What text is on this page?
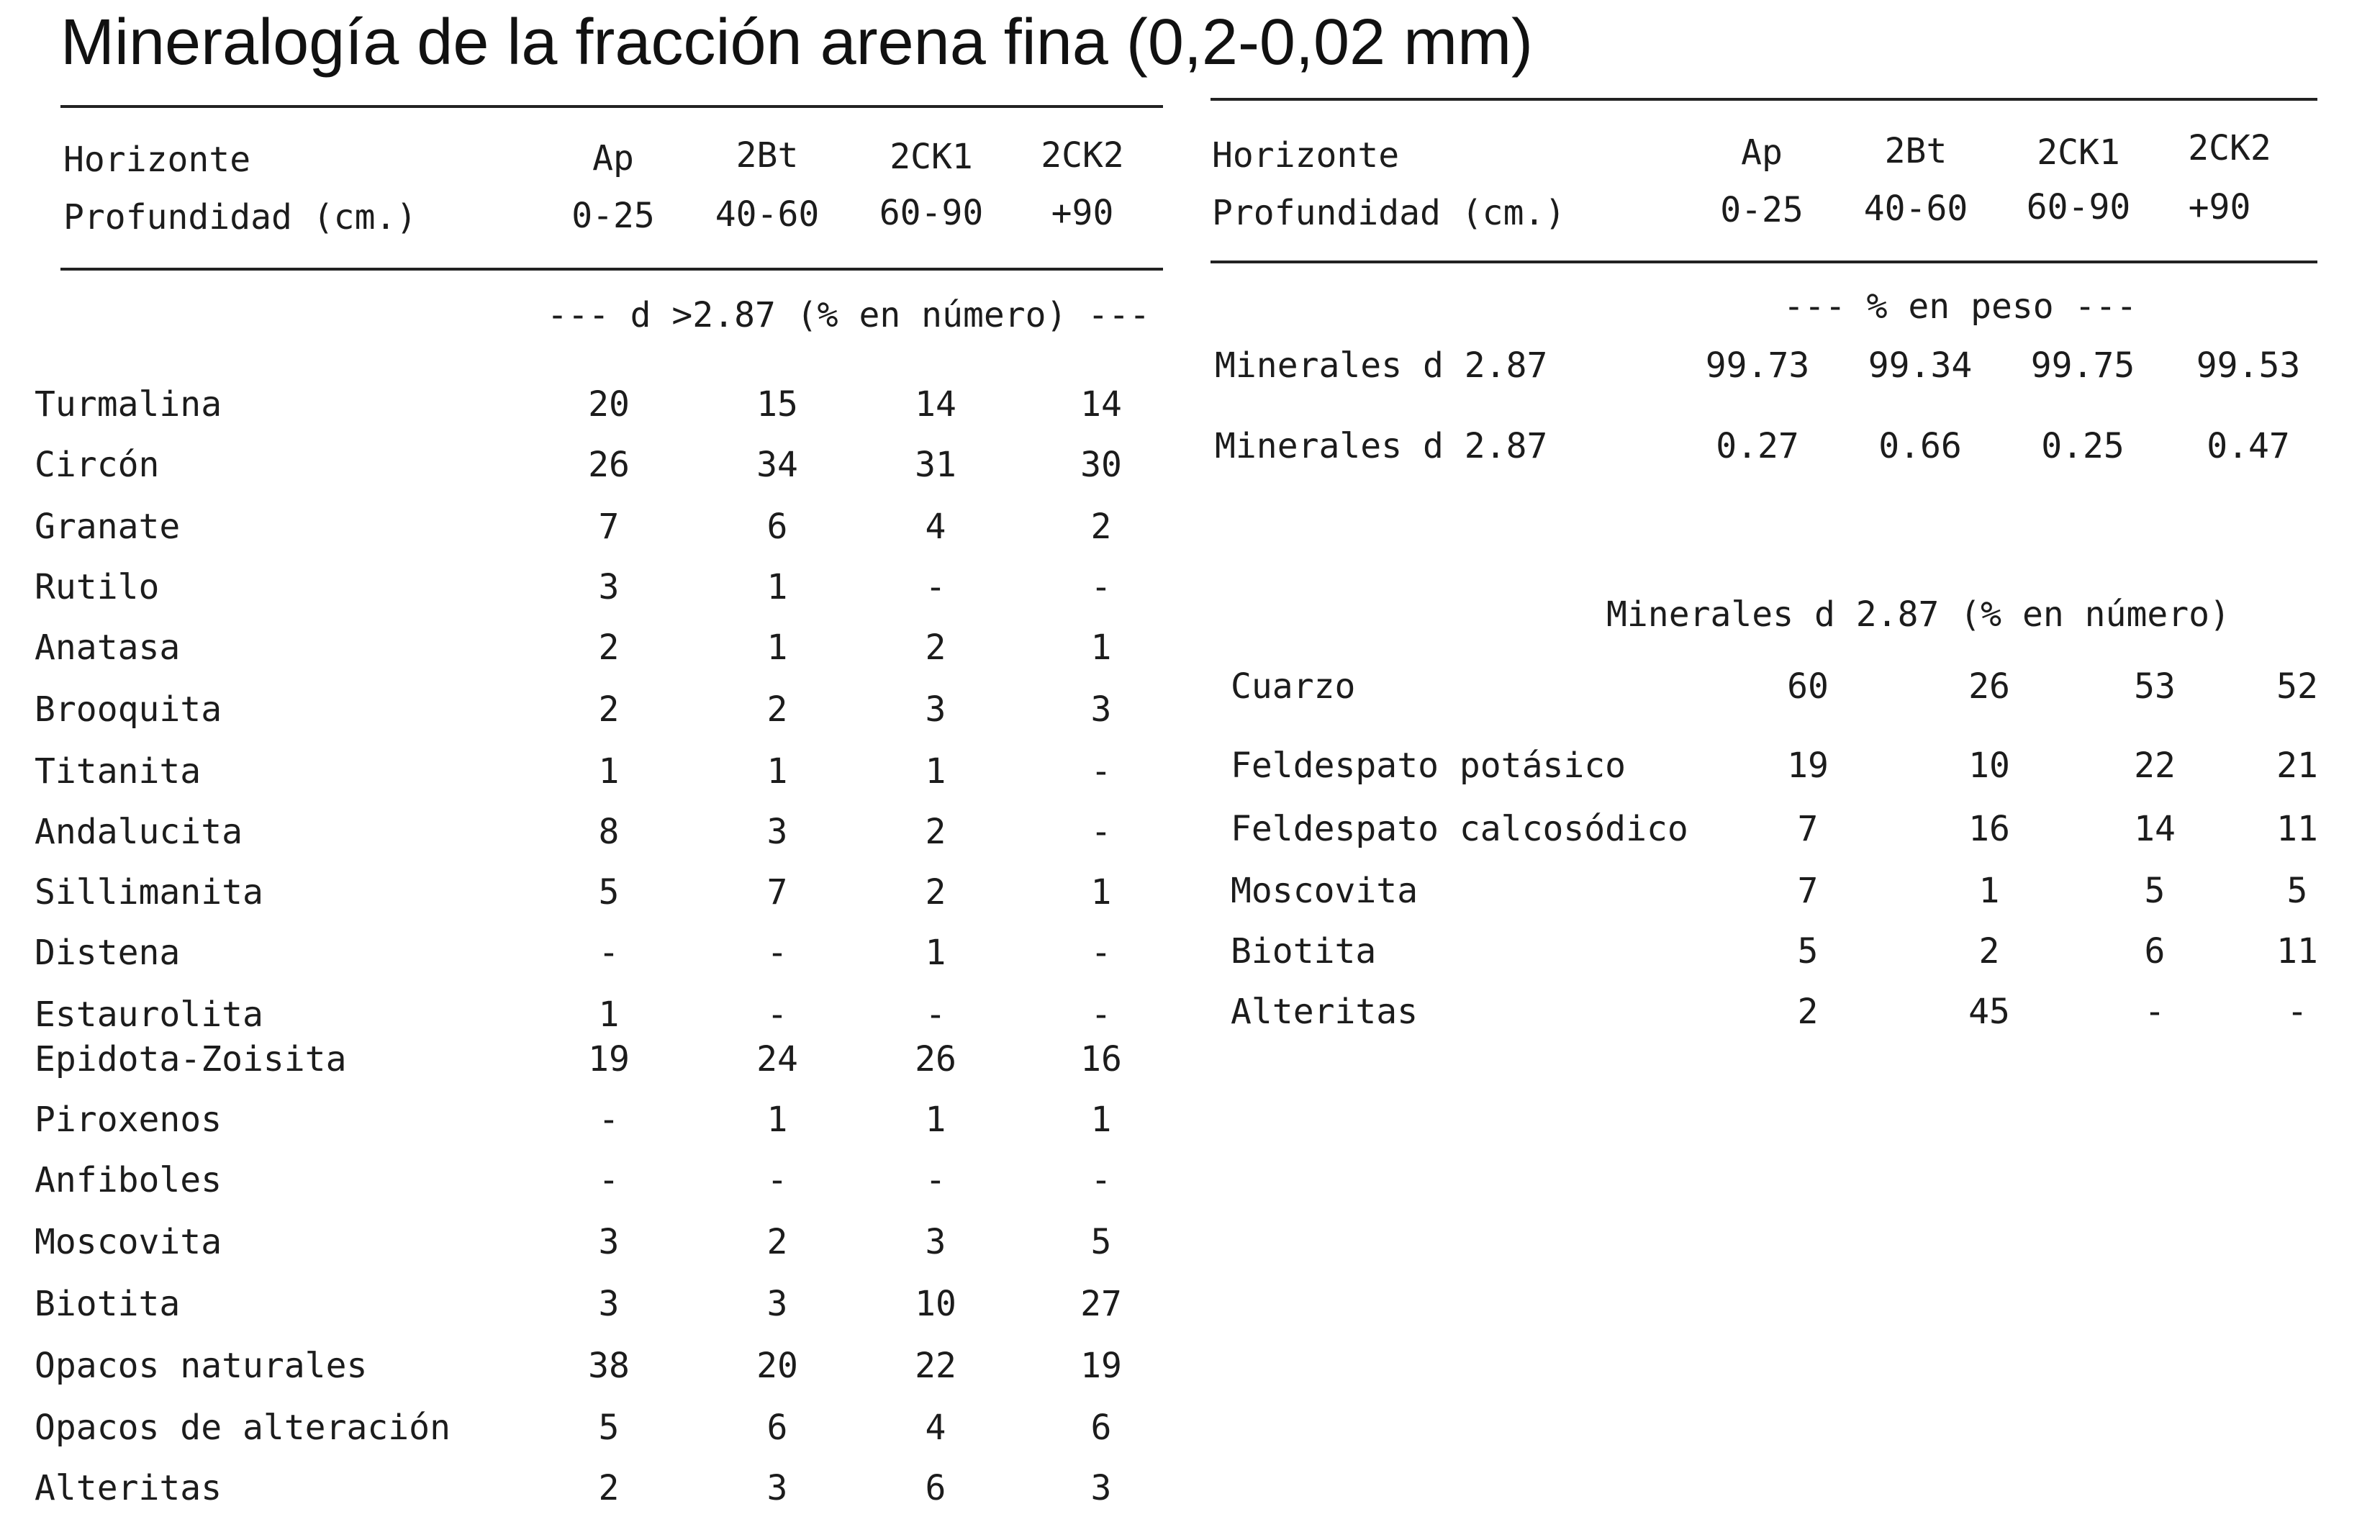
Mineralogía de la fracción arena fina (0,2-0,02 mm)
Horizonte
Profundidad (cm.)
Ap	2Bt	2CK1 2CK2
0-25 40-60 60-90 +90
--- d >2.87 (% en número) ---
Turmalina	20	15	14	14
Circón	26	34	31	30
Granate	7	6	4	2
Rutilo	3	1	-	-
Anatasa	2	1	2	1
Brooquita	2	2	3	3
Titanita	1	1	1	-
Andalucita	8	3	2	-
Sillimanita	5	7	2	1
Distena	-	-	1	-
Estaurolita	1	-	-	-
Epidota-Zoisita	19	24	26	16
Piroxenos	-	1	1	1
Anfiboles	-	-	-	-
Moscovita	3	2	3	5
Biotita	3	3	10	27
Opacos naturales	38	20	22	19
Opacos de alteración	5	6	4	6
Alteritas	2	3	6	3
Horizonte
Profundidad (cm.)
Ap	2Bt	2CK1 2CK2
0-25 40-60 60-90 +90
--- % en peso ---
Minerales d 2.87	99.73 99.34 99.75 99.53
Minerales d 2.87	0.27 0.66 0.25 0.47
Minerales d 2.87 (% en número)
Cuarzo	60	26	53	52
Feldespato potásico	19	10	22	21
Feldespato calcosódico	7	16	14	11
Moscovita	7	1	5	5
Biotita	5	2	6	11
Alteritas	2	45	-	-
